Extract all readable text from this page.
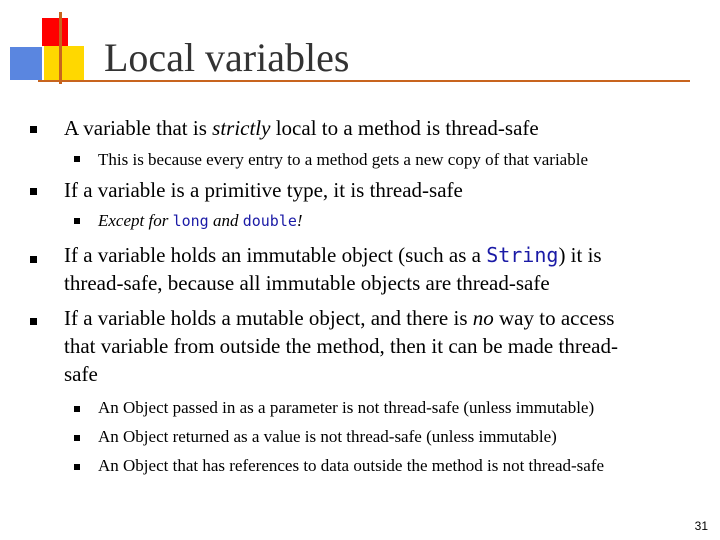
Local variables
A variable that is strictly local to a method is thread-safe
This is because every entry to a method gets a new copy of that variable
If a variable is a primitive type, it is thread-safe
Except for long and double!
If a variable holds an immutable object (such as a String) it is
thread-safe, because all immutable objects are thread-safe
If a variable holds a mutable object, and there is no way to access
that variable from outside the method, then it can be made thread-
safe
An Object passed in as a parameter is not thread-safe (unless immutable)
An Object returned as a value is not thread-safe (unless immutable)
An Object that has references to data outside the method is not thread-safe
31
